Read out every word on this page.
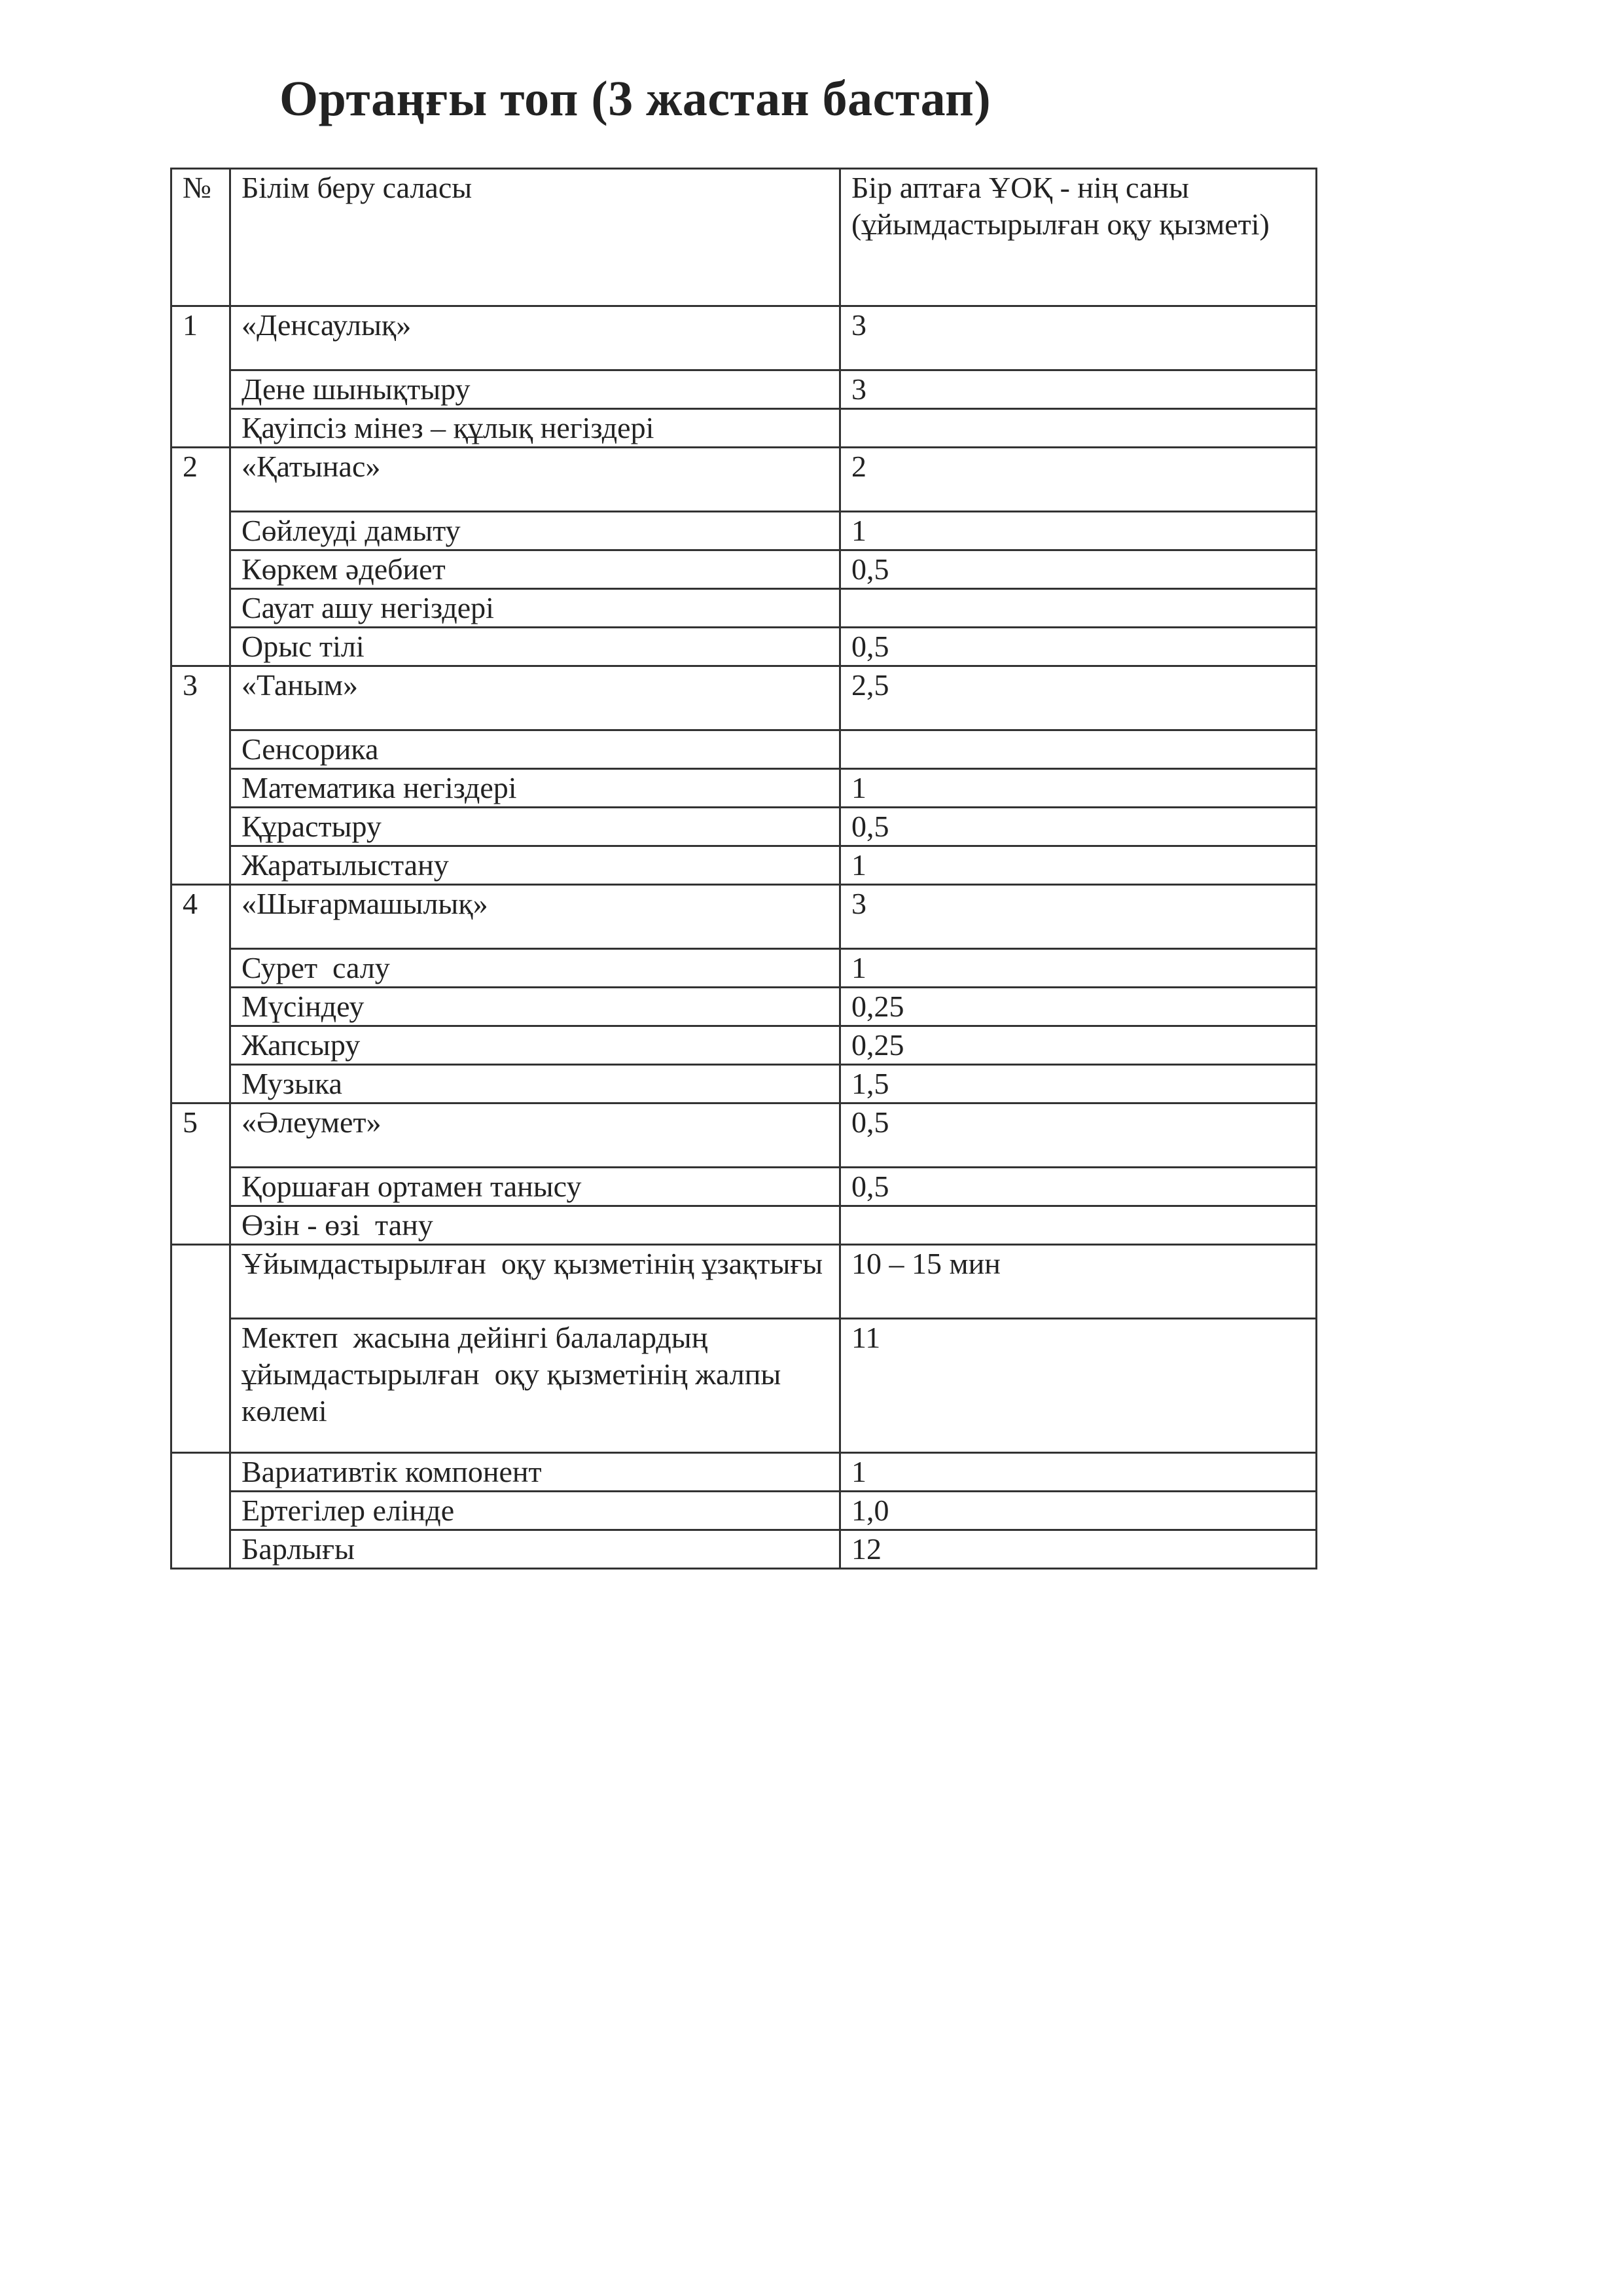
Ортаңғы топ (3 жастан бастап)
№	Білім беру саласы	Бір аптаға ҰОҚ - нің саны (ұйымдастырылған оқу қызметі)
1	«Денсаулық»	3
	Дене шынықтыру	3
	Қауіпсіз мінез – құлық негіздері	
2	«Қатынас»	2
	Сөйлеуді дамыту	1
	Көркем әдебиет	0,5
	Сауат ашу негіздері	
	Орыс тілі	0,5
3	«Таным»	2,5
	Сенсорика	
	Математика негіздері	1
	Құрастыру	0,5
	Жаратылыстану	1
4	«Шығармашылық»	3
	Сурет  салу	1
	Мүсіндеу	0,25
	Жапсыру	0,25
	Музыка	1,5
5	«Әлеумет»	0,5
	Қоршаған ортамен танысу	0,5
	Өзін - өзі  тану	
	Ұйымдастырылған  оқу қызметінің ұзақтығы	10 – 15 мин
	Мектеп  жасына дейінгі балалардың ұйымдастырылған  оқу қызметінің жалпы  көлемі	11
	Вариативтік компонент	1
	Ертегілер елінде	1,0
	Барлығы	12
